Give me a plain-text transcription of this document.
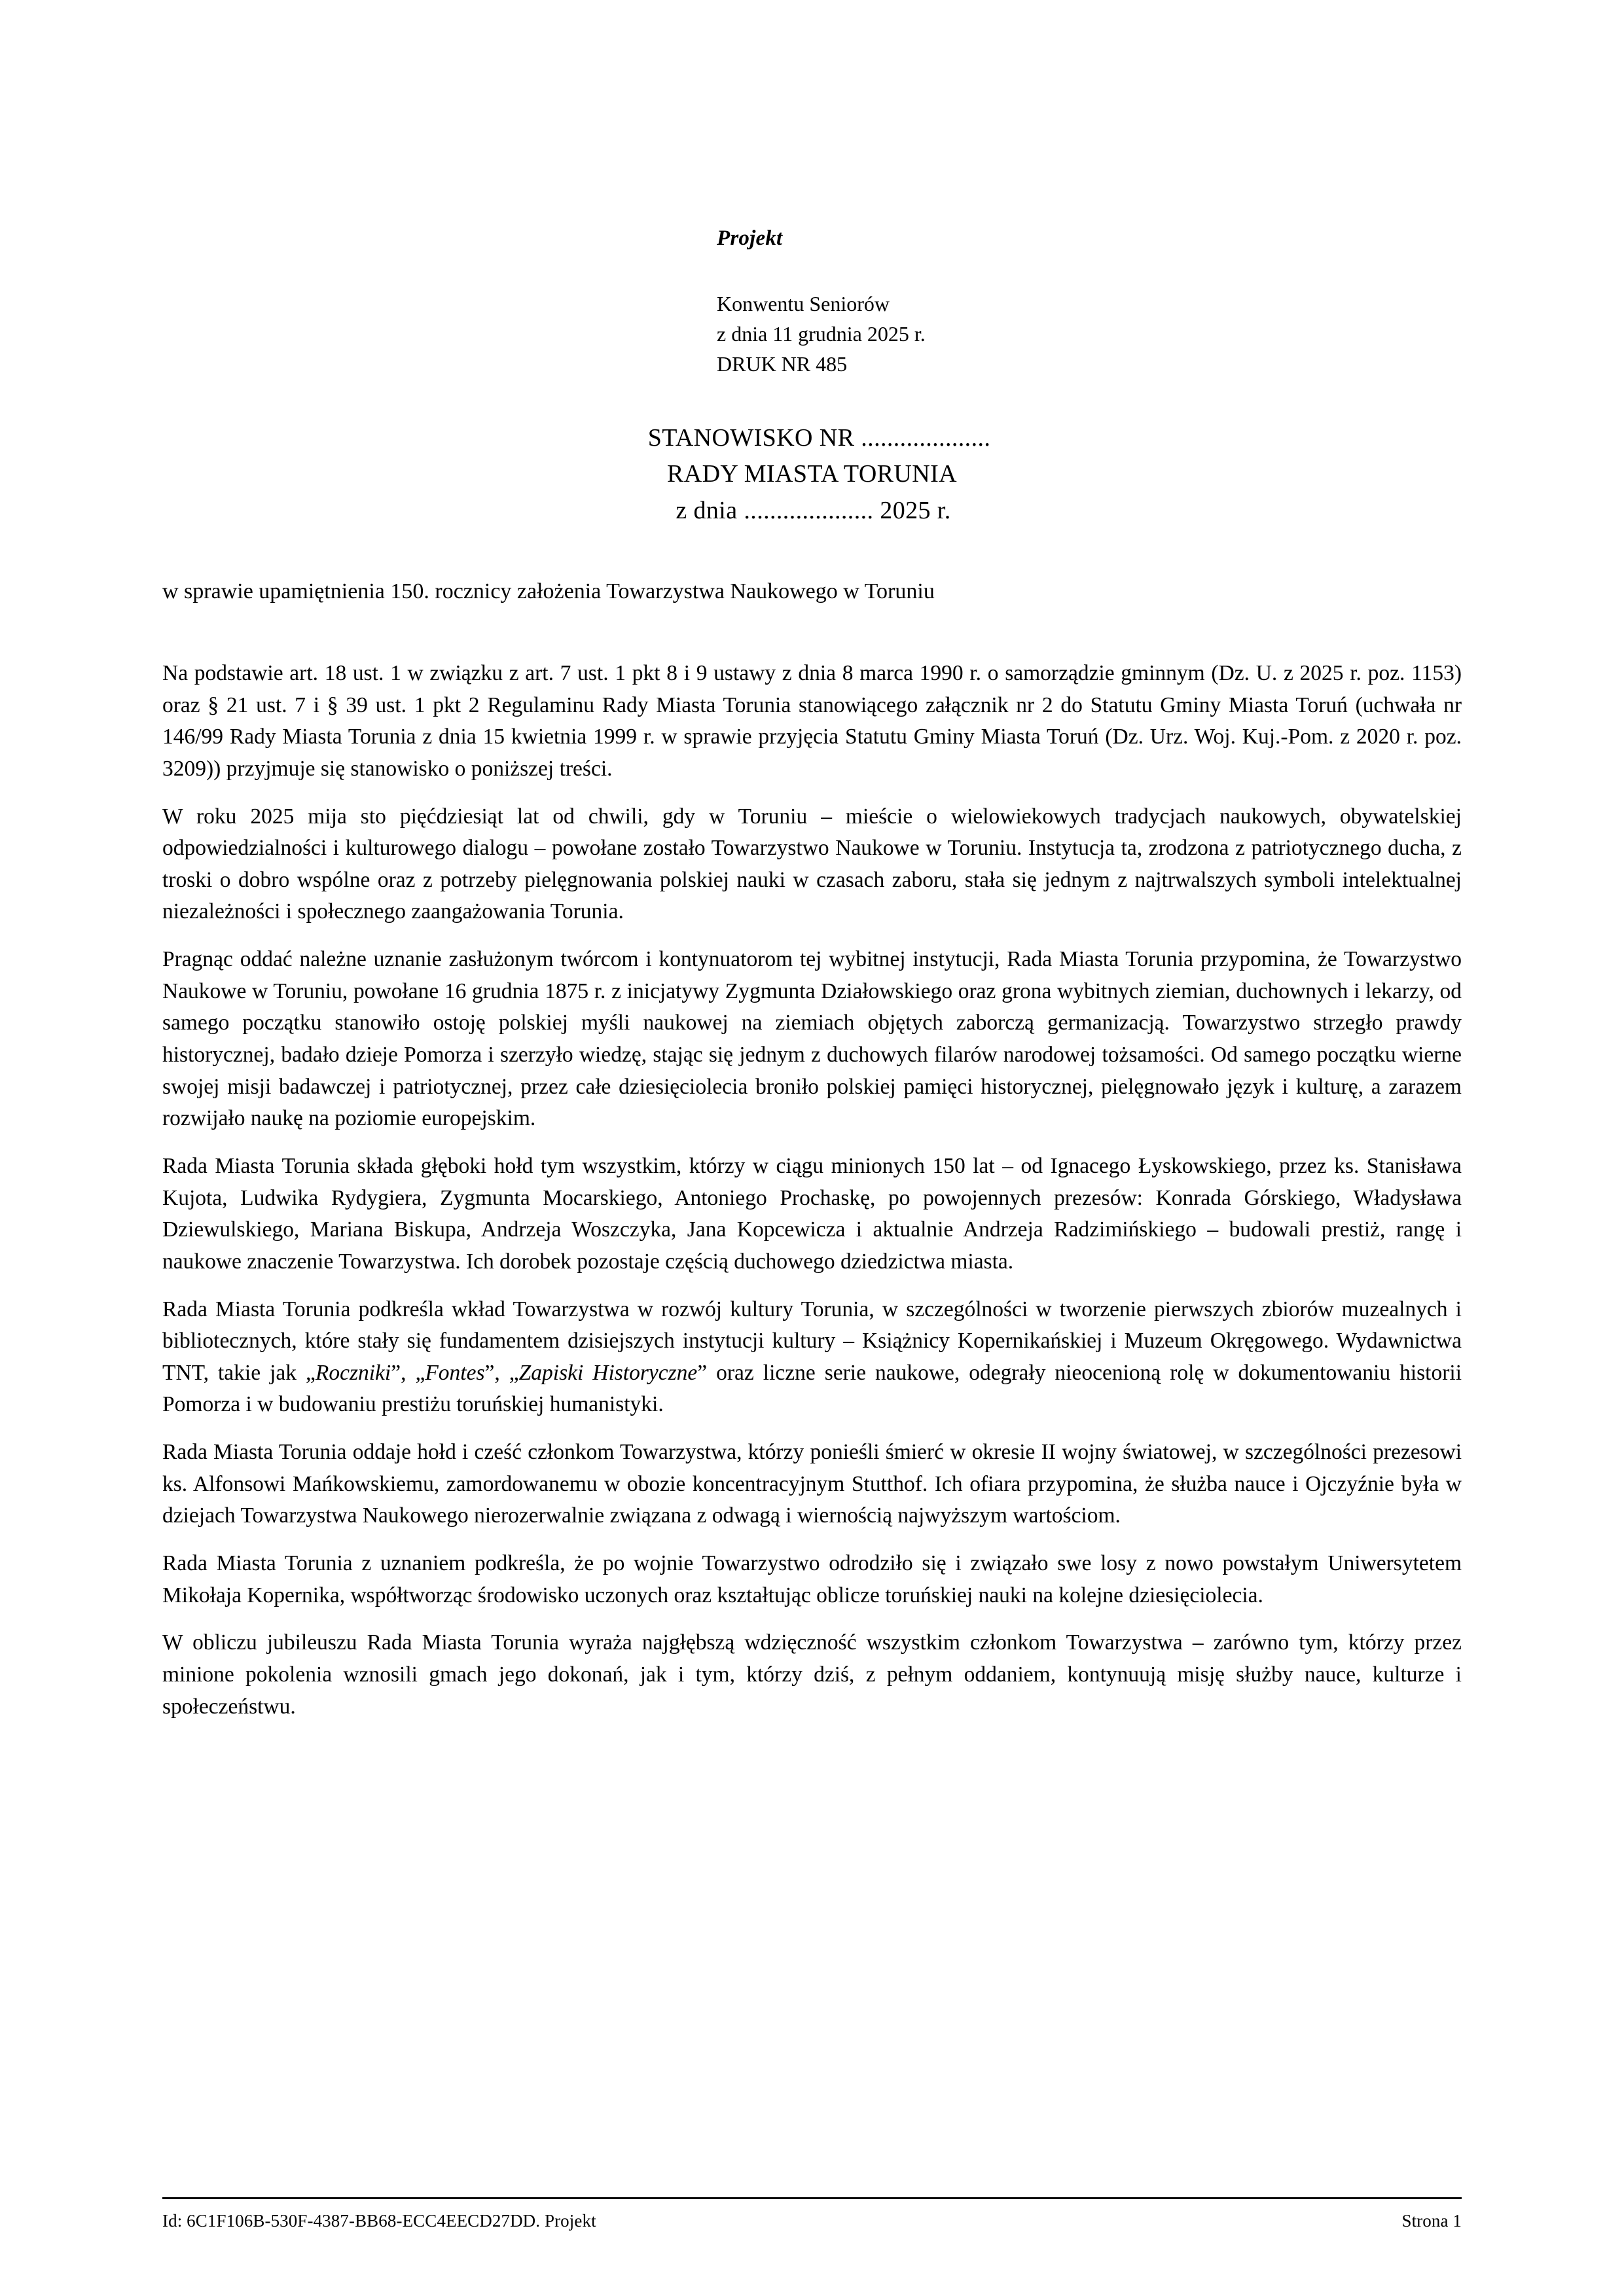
Projekt
Konwentu Seniorów
z dnia 11 grudnia 2025 r.
DRUK NR 485
STANOWISKO NR ....................
RADY MIASTA TORUNIA
z dnia .................... 2025 r.
w sprawie upamiętnienia 150. rocznicy założenia Towarzystwa Naukowego w Toruniu

Na podstawie art. 18 ust. 1 w związku z art. 7 ust. 1 pkt 8 i 9 ustawy z dnia 8 marca 1990 r. o samorządzie gminnym (Dz. U. z 2025 r. poz. 1153) oraz § 21 ust. 7 i § 39 ust. 1 pkt 2 Regulaminu Rady Miasta Torunia stanowiącego załącznik nr 2 do Statutu Gminy Miasta Toruń (uchwała nr 146/99 Rady Miasta Torunia z dnia 15 kwietnia 1999 r. w sprawie przyjęcia Statutu Gminy Miasta Toruń (Dz. Urz. Woj. Kuj.-Pom. z 2020 r. poz. 3209)) przyjmuje się stanowisko o poniższej treści.

W roku 2025 mija sto pięćdziesiąt lat od chwili, gdy w Toruniu – mieście o wielowiekowych tradycjach naukowych, obywatelskiej odpowiedzialności i kulturowego dialogu – powołane zostało Towarzystwo Naukowe w Toruniu. Instytucja ta, zrodzona z patriotycznego ducha, z troski o dobro wspólne oraz z potrzeby pielęgnowania polskiej nauki w czasach zaboru, stała się jednym z najtrwalszych symboli intelektualnej niezależności i społecznego zaangażowania Torunia.

Pragnąc oddać należne uznanie zasłużonym twórcom i kontynuatorom tej wybitnej instytucji, Rada Miasta Torunia przypomina, że Towarzystwo Naukowe w Toruniu, powołane 16 grudnia 1875 r. z inicjatywy Zygmunta Działowskiego oraz grona wybitnych ziemian, duchownych i lekarzy, od samego początku stanowiło ostoję polskiej myśli naukowej na ziemiach objętych zaborczą germanizacją. Towarzystwo strzegło prawdy historycznej, badało dzieje Pomorza i szerzyło wiedzę, stając się jednym z duchowych filarów narodowej tożsamości. Od samego początku wierne swojej misji badawczej i patriotycznej, przez całe dziesięciolecia broniło polskiej pamięci historycznej, pielęgnowało język i kulturę, a zarazem rozwijało naukę na poziomie europejskim.

Rada Miasta Torunia składa głęboki hołd tym wszystkim, którzy w ciągu minionych 150 lat – od Ignacego Łyskowskiego, przez ks. Stanisława Kujota, Ludwika Rydygiera, Zygmunta Mocarskiego, Antoniego Prochaskę, po powojennych prezesów: Konrada Górskiego, Władysława Dziewulskiego, Mariana Biskupa, Andrzeja Woszczyka, Jana Kopcewicza i aktualnie Andrzeja Radzimińskiego – budowali prestiż, rangę i naukowe znaczenie Towarzystwa. Ich dorobek pozostaje częścią duchowego dziedzictwa miasta.

Rada Miasta Torunia podkreśla wkład Towarzystwa w rozwój kultury Torunia, w szczególności w tworzenie pierwszych zbiorów muzealnych i bibliotecznych, które stały się fundamentem dzisiejszych instytucji kultury – Książnicy Kopernikańskiej i Muzeum Okręgowego. Wydawnictwa TNT, takie jak „Roczniki”, „Fontes”, „Zapiski Historyczne” oraz liczne serie naukowe, odegrały nieocenioną rolę w dokumentowaniu historii Pomorza i w budowaniu prestiżu toruńskiej humanistyki.

Rada Miasta Torunia oddaje hołd i cześć członkom Towarzystwa, którzy ponieśli śmierć w okresie II wojny światowej, w szczególności prezesowi ks. Alfonsowi Mańkowskiemu, zamordowanemu w obozie koncentracyjnym Stutthof. Ich ofiara przypomina, że służba nauce i Ojczyźnie była w dziejach Towarzystwa Naukowego nierozerwalnie związana z odwagą i wiernością najwyższym wartościom.

Rada Miasta Torunia z uznaniem podkreśla, że po wojnie Towarzystwo odrodziło się i związało swe losy z nowo powstałym Uniwersytetem Mikołaja Kopernika, współtworząc środowisko uczonych oraz kształtując oblicze toruńskiej nauki na kolejne dziesięciolecia.

W obliczu jubileuszu Rada Miasta Torunia wyraża najgłębszą wdzięczność wszystkim członkom Towarzystwa – zarówno tym, którzy przez minione pokolenia wznosili gmach jego dokonań, jak i tym, którzy dziś, z pełnym oddaniem, kontynuują misję służby nauce, kulturze i społeczeństwu.

Id: 6C1F106B-530F-4387-BB68-ECC4EECD27DD. Projekt	Strona 1
